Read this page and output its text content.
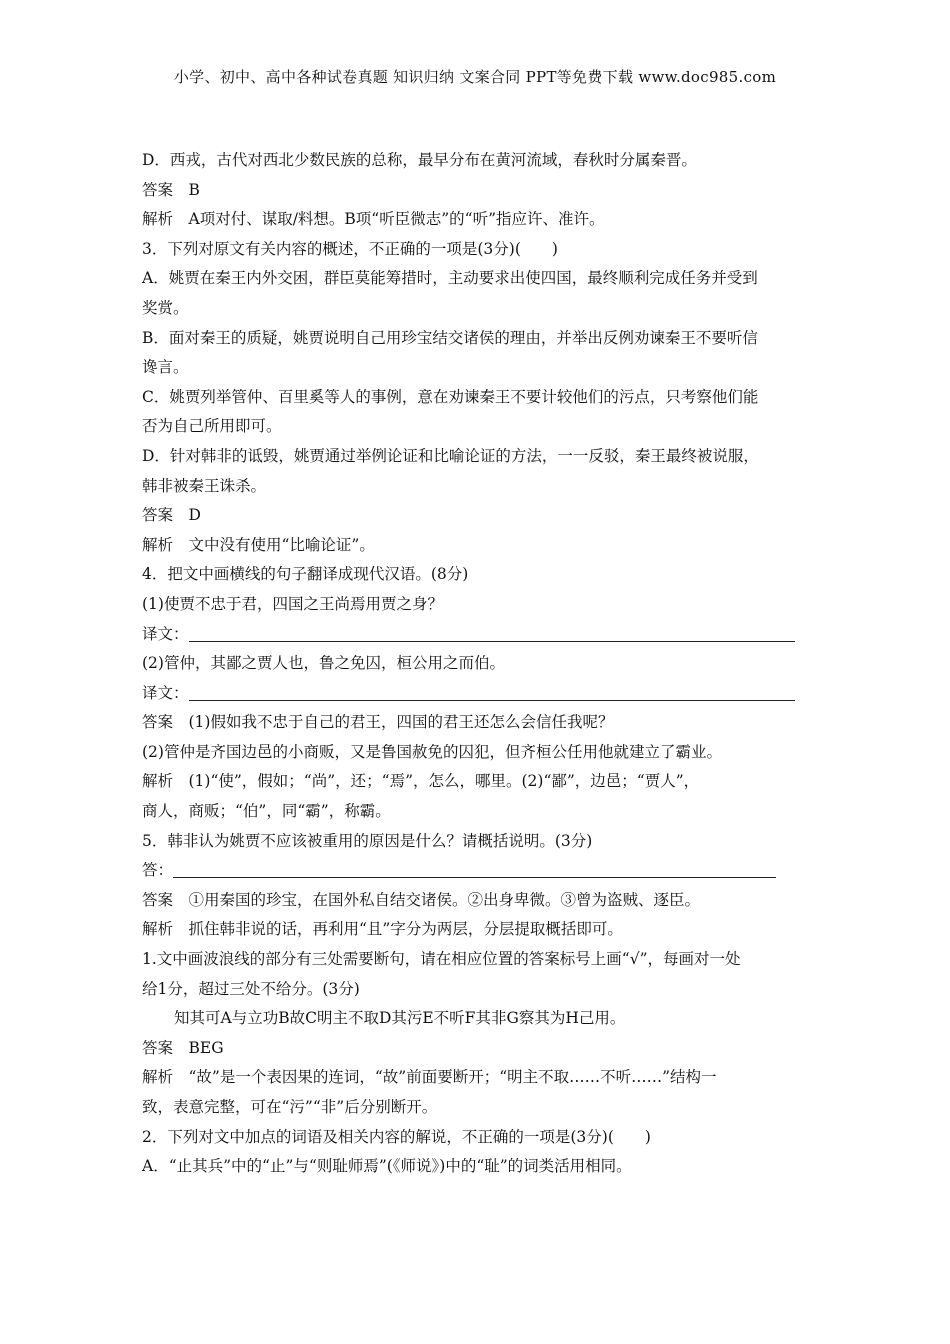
小学、初中、高中各种试卷真题 知识归纳 文案合同 PPT等免费下载 www.doc985.com
D．西戎，古代对西北少数民族的总称，最早分布在黄河流域，春秋时分属秦晋。
答案　B
解析　A项对付、谋取/料想。B项“听臣微志”的“听”指应许、准许。
3．下列对原文有关内容的概述，不正确的一项是(3分)(　　)
A．姚贾在秦王内外交困，群臣莫能筹措时，主动要求出使四国，最终顺利完成任务并受到
奖赏。
B．面对秦王的质疑，姚贾说明自己用珍宝结交诸侯的理由，并举出反例劝谏秦王不要听信
谗言。
C．姚贾列举管仲、百里奚等人的事例，意在劝谏秦王不要计较他们的污点，只考察他们能
否为自己所用即可。
D．针对韩非的诋毁，姚贾通过举例论证和比喻论证的方法，一一反驳，秦王最终被说服，
韩非被秦王诛杀。
答案　D
解析　文中没有使用“比喻论证”。
4．把文中画横线的句子翻译成现代汉语。(8分)
(1)使贾不忠于君，四国之王尚焉用贾之身？
译文：
(2)管仲，其鄙之贾人也，鲁之免囚，桓公用之而伯。
译文：
答案　(1)假如我不忠于自己的君王，四国的君王还怎么会信任我呢？
(2)管仲是齐国边邑的小商贩，又是鲁国赦免的囚犯，但齐桓公任用他就建立了霸业。
解析　(1)“使”，假如；“尚”，还；“焉”，怎么，哪里。(2)“鄙”，边邑；“贾人”，
商人，商贩；“伯”，同“霸”，称霸。
5．韩非认为姚贾不应该被重用的原因是什么？请概括说明。(3分)
答：
答案　①用秦国的珍宝，在国外私自结交诸侯。②出身卑微。③曾为盗贼、逐臣。
解析　抓住韩非说的话，再利用“且”字分为两层，分层提取概括即可。
1.文中画波浪线的部分有三处需要断句，请在相应位置的答案标号上画“√”，每画对一处
给1分，超过三处不给分。(3分)
知其可A与立功B故C明主不取D其污E不听F其非G察其为H己用。
答案　BEG
解析　“故”是一个表因果的连词，“故”前面要断开；“明主不取……不听……”结构一
致，表意完整，可在“污”“非”后分别断开。
2．下列对文中加点的词语及相关内容的解说，不正确的一项是(3分)(　　)
A．“止其兵”中的“止”与“则耻师焉”(《师说》)中的“耻”的词类活用相同。
